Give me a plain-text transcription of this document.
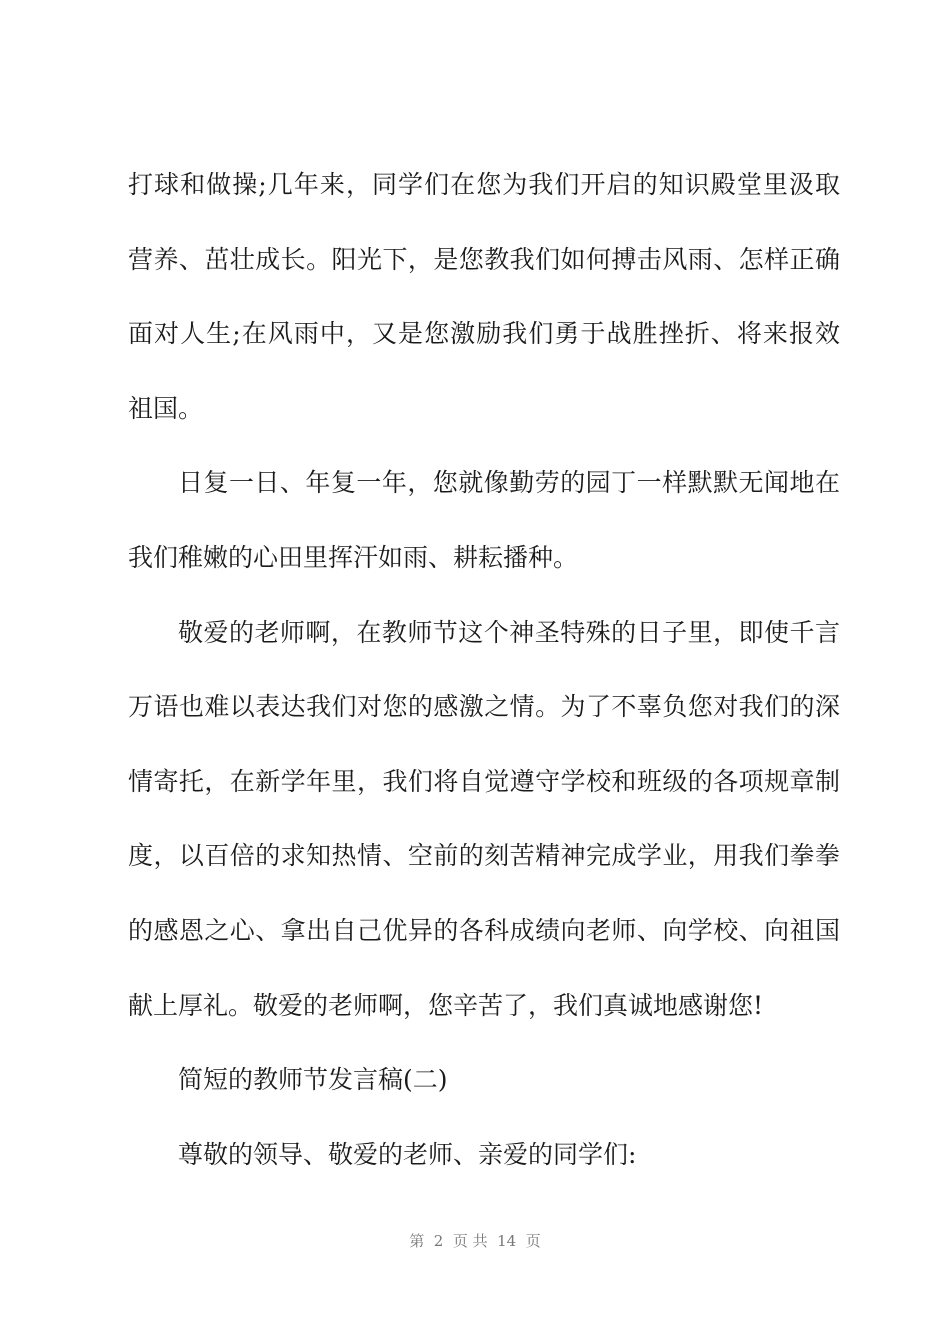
打球和做操;几年来，同学们在您为我们开启的知识殿堂里汲取
营养、茁壮成长。阳光下，是您教我们如何搏击风雨、怎样正确
面对人生;在风雨中，又是您激励我们勇于战胜挫折、将来报效
祖国。
日复一日、年复一年，您就像勤劳的园丁一样默默无闻地在
我们稚嫩的心田里挥汗如雨、耕耘播种。
敬爱的老师啊，在教师节这个神圣特殊的日子里，即使千言
万语也难以表达我们对您的感激之情。为了不辜负您对我们的深
情寄托，在新学年里，我们将自觉遵守学校和班级的各项规章制
度，以百倍的求知热情、空前的刻苦精神完成学业，用我们拳拳
的感恩之心、拿出自己优异的各科成绩向老师、向学校、向祖国
献上厚礼。敬爱的老师啊，您辛苦了，我们真诚地感谢您!
简短的教师节发言稿(二)
尊敬的领导、敬爱的老师、亲爱的同学们:
第  2  页 共  14  页
